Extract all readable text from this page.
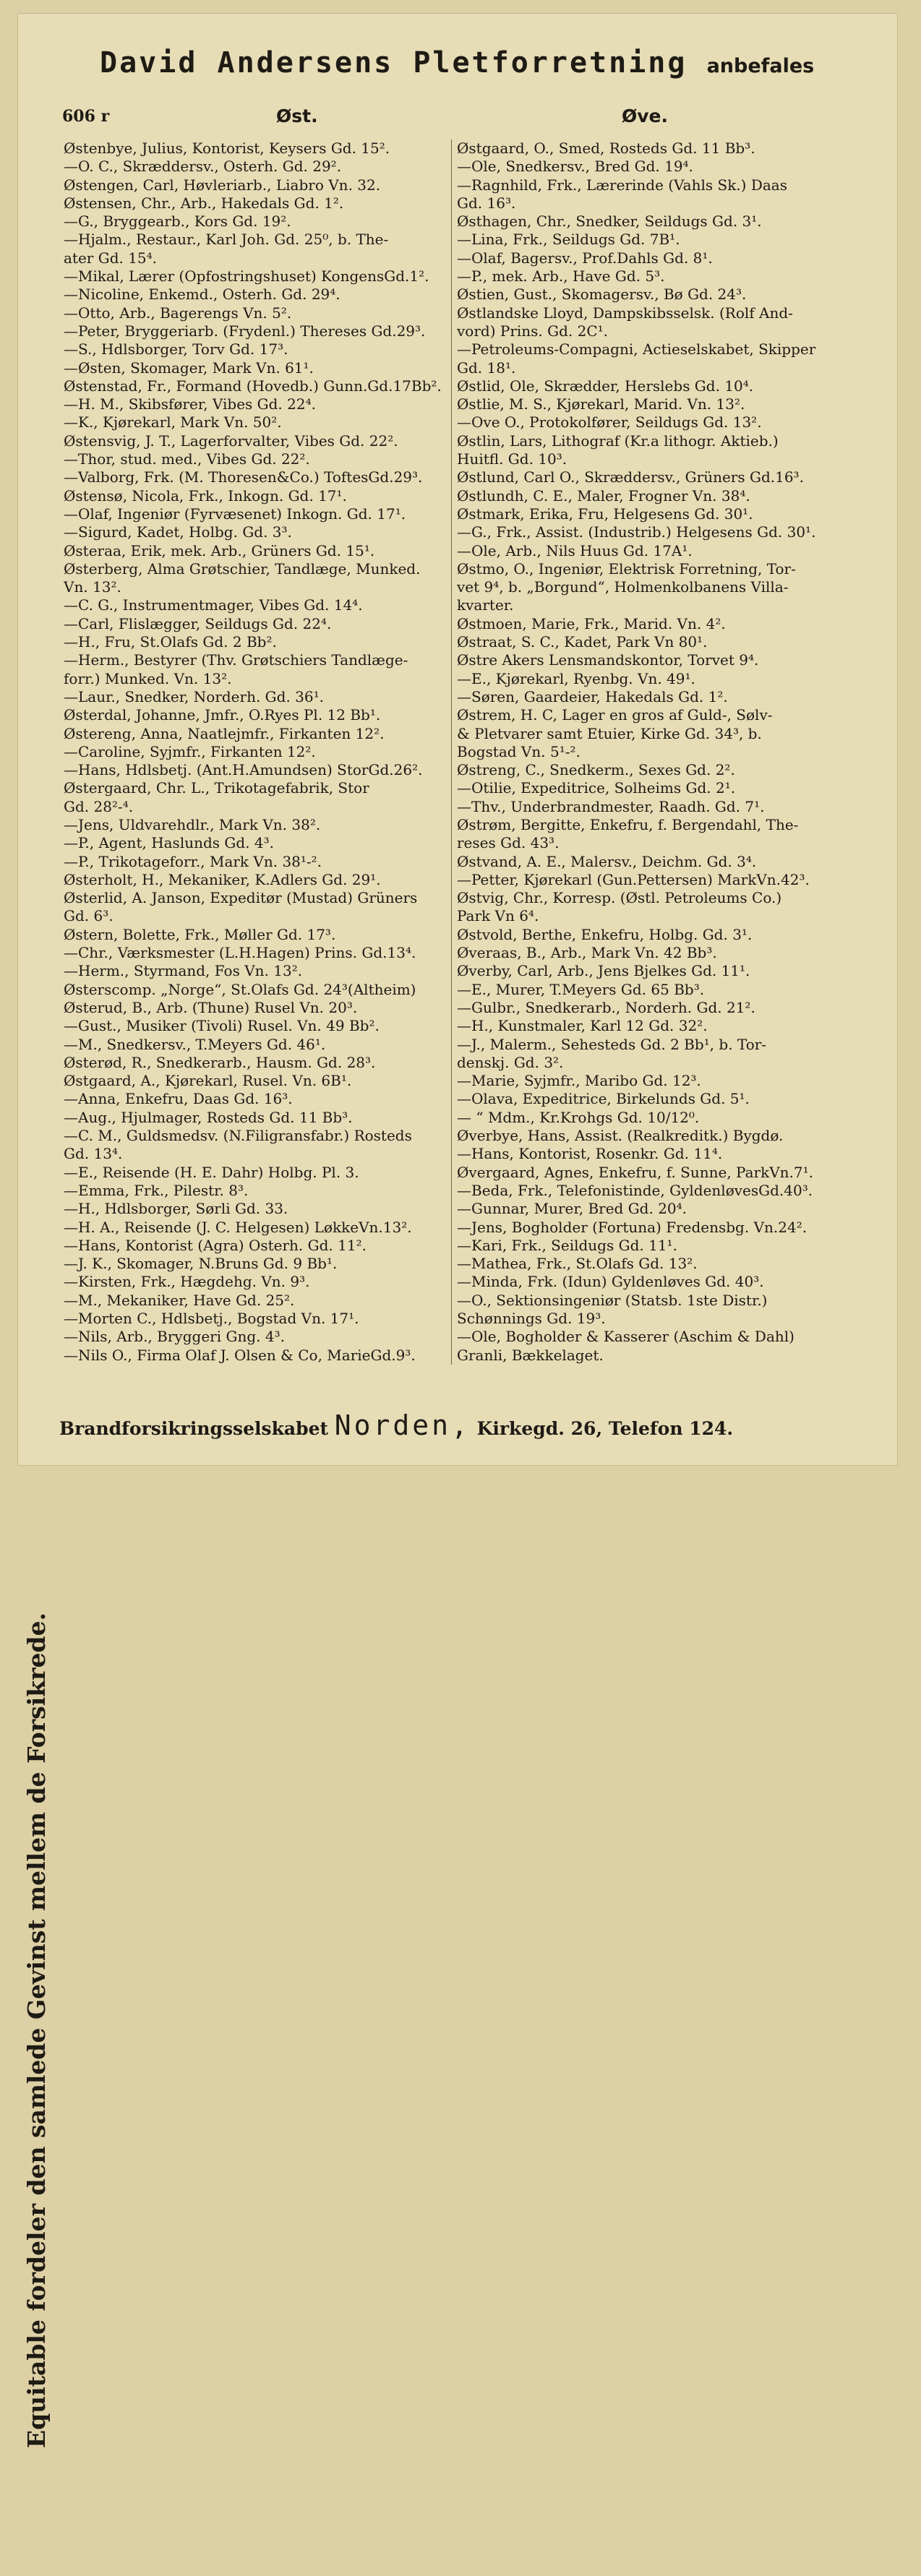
David Andersens Pletforretning anbefales
606 r	Øst.	Øve.
Equitable fordeler den samlede Gevinst mellem de Forsikrede.
Østenbye, Julius, Kontorist, Keysers Gd. 15².
—O. C., Skræddersv., Osterh. Gd. 29².
Østengen, Carl, Høvleriarb., Liabro Vn. 32.
Østensen, Chr., Arb., Hakedals Gd. 1².
—G., Bryggearb., Kors Gd. 19².
—Hjalm., Restaur., Karl Joh. Gd. 25⁰, b. The-
ater Gd. 15⁴.
—Mikal, Lærer (Opfostringshuset) KongensGd.1².
—Nicoline, Enkemd., Osterh. Gd. 29⁴.
—Otto, Arb., Bagerengs Vn. 5².
—Peter, Bryggeriarb. (Frydenl.) Thereses Gd.29³.
—S., Hdlsborger, Torv Gd. 17³.
—Østen, Skomager, Mark Vn. 61¹.
Østenstad, Fr., Formand (Hovedb.) Gunn.Gd.17Bb².
—H. M., Skibsfører, Vibes Gd. 22⁴.
—K., Kjørekarl, Mark Vn. 50².
Østensvig, J. T., Lagerforvalter, Vibes Gd. 22².
—Thor, stud. med., Vibes Gd. 22².
—Valborg, Frk. (M. Thoresen&Co.) ToftesGd.29³.
Østensø, Nicola, Frk., Inkogn. Gd. 17¹.
—Olaf, Ingeniør (Fyrvæsenet) Inkogn. Gd. 17¹.
—Sigurd, Kadet, Holbg. Gd. 3³.
Østeraa, Erik, mek. Arb., Grüners Gd. 15¹.
Østerberg, Alma Grøtschier, Tandlæge, Munked.
Vn. 13².
—C. G., Instrumentmager, Vibes Gd. 14⁴.
—Carl, Flislægger, Seildugs Gd. 22⁴.
—H., Fru, St.Olafs Gd. 2 Bb².
—Herm., Bestyrer (Thv. Grøtschiers Tandlæge-
forr.) Munked. Vn. 13².
—Laur., Snedker, Norderh. Gd. 36¹.
Østerdal, Johanne, Jmfr., O.Ryes Pl. 12 Bb¹.
Østereng, Anna, Naatlejmfr., Firkanten 12².
—Caroline, Syjmfr., Firkanten 12².
—Hans, Hdlsbetj. (Ant.H.Amundsen) StorGd.26².
Østergaard, Chr. L., Trikotagefabrik, Stor
Gd. 28²-⁴.
—Jens, Uldvarehdlr., Mark Vn. 38².
—P., Agent, Haslunds Gd. 4³.
—P., Trikotageforr., Mark Vn. 38¹-².
Østerholt, H., Mekaniker, K.Adlers Gd. 29¹.
Østerlid, A. Janson, Expeditør (Mustad) Grüners
Gd. 6³.
Østern, Bolette, Frk., Møller Gd. 17³.
—Chr., Værksmester (L.H.Hagen) Prins. Gd.13⁴.
—Herm., Styrmand, Fos Vn. 13².
Østerscomp. „Norge“, St.Olafs Gd. 24³(Altheim)
Østerud, B., Arb. (Thune) Rusel Vn. 20³.
—Gust., Musiker (Tivoli) Rusel. Vn. 49 Bb².
—M., Snedkersv., T.Meyers Gd. 46¹.
Østerød, R., Snedkerarb., Hausm. Gd. 28³.
Østgaard, A., Kjørekarl, Rusel. Vn. 6B¹.
—Anna, Enkefru, Daas Gd. 16³.
—Aug., Hjulmager, Rosteds Gd. 11 Bb³.
—C. M., Guldsmedsv. (N.Filigransfabr.) Rosteds
Gd. 13⁴.
—E., Reisende (H. E. Dahr) Holbg. Pl. 3.
—Emma, Frk., Pilestr. 8³.
—H., Hdlsborger, Sørli Gd. 33.
—H. A., Reisende (J. C. Helgesen) LøkkeVn.13².
—Hans, Kontorist (Agra) Osterh. Gd. 11².
—J. K., Skomager, N.Bruns Gd. 9 Bb¹.
—Kirsten, Frk., Hægdehg. Vn. 9³.
—M., Mekaniker, Have Gd. 25².
—Morten C., Hdlsbetj., Bogstad Vn. 17¹.
—Nils, Arb., Bryggeri Gng. 4³.
—Nils O., Firma Olaf J. Olsen & Co, MarieGd.9³.
Østgaard, O., Smed, Rosteds Gd. 11 Bb³.
—Ole, Snedkersv., Bred Gd. 19⁴.
—Ragnhild, Frk., Lærerinde (Vahls Sk.) Daas
Gd. 16³.
Østhagen, Chr., Snedker, Seildugs Gd. 3¹.
—Lina, Frk., Seildugs Gd. 7B¹.
—Olaf, Bagersv., Prof.Dahls Gd. 8¹.
—P., mek. Arb., Have Gd. 5³.
Østien, Gust., Skomagersv., Bø Gd. 24³.
Østlandske Lloyd, Dampskibsselsk. (Rolf And-
vord) Prins. Gd. 2C¹.
—Petroleums-Compagni, Actieselskabet, Skipper
Gd. 18¹.
Østlid, Ole, Skrædder, Herslebs Gd. 10⁴.
Østlie, M. S., Kjørekarl, Marid. Vn. 13².
—Ove O., Protokolfører, Seildugs Gd. 13².
Østlin, Lars, Lithograf (Kr.a lithogr. Aktieb.)
Huitfl. Gd. 10³.
Østlund, Carl O., Skræddersv., Grüners Gd.16³.
Østlundh, C. E., Maler, Frogner Vn. 38⁴.
Østmark, Erika, Fru, Helgesens Gd. 30¹.
—G., Frk., Assist. (Industrib.) Helgesens Gd. 30¹.
—Ole, Arb., Nils Huus Gd. 17A¹.
Østmo, O., Ingeniør, Elektrisk Forretning, Tor-
vet 9⁴, b. „Borgund“, Holmenkolbanens Villa-
kvarter.
Østmoen, Marie, Frk., Marid. Vn. 4².
Østraat, S. C., Kadet, Park Vn 80¹.
Østre Akers Lensmandskontor, Torvet 9⁴.
—E., Kjørekarl, Ryenbg. Vn. 49¹.
—Søren, Gaardeier, Hakedals Gd. 1².
Østrem, H. C, Lager en gros af Guld-, Sølv-
& Pletvarer samt Etuier, Kirke Gd. 34³, b.
Bogstad Vn. 5¹-².
Østreng, C., Snedkerm., Sexes Gd. 2².
—Otilie, Expeditrice, Solheims Gd. 2¹.
—Thv., Underbrandmester, Raadh. Gd. 7¹.
Østrøm, Bergitte, Enkefru, f. Bergendahl, The-
reses Gd. 43³.
Østvand, A. E., Malersv., Deichm. Gd. 3⁴.
—Petter, Kjørekarl (Gun.Pettersen) MarkVn.42³.
Østvig, Chr., Korresp. (Østl. Petroleums Co.)
Park Vn 6⁴.
Østvold, Berthe, Enkefru, Holbg. Gd. 3¹.
Øveraas, B., Arb., Mark Vn. 42 Bb³.
Øverby, Carl, Arb., Jens Bjelkes Gd. 11¹.
—E., Murer, T.Meyers Gd. 65 Bb³.
—Gulbr., Snedkerarb., Norderh. Gd. 21².
—H., Kunstmaler, Karl 12 Gd. 32².
—J., Malerm., Sehesteds Gd. 2 Bb¹, b. Tor-
denskj. Gd. 3².
—Marie, Syjmfr., Maribo Gd. 12³.
—Olava, Expeditrice, Birkelunds Gd. 5¹.
— “ Mdm., Kr.Krohgs Gd. 10/12⁰.
Øverbye, Hans, Assist. (Realkreditk.) Bygdø.
—Hans, Kontorist, Rosenkr. Gd. 11⁴.
Øvergaard, Agnes, Enkefru, f. Sunne, ParkVn.7¹.
—Beda, Frk., Telefonistinde, GyldenløvesGd.40³.
—Gunnar, Murer, Bred Gd. 20⁴.
—Jens, Bogholder (Fortuna) Fredensbg. Vn.24².
—Kari, Frk., Seildugs Gd. 11¹.
—Mathea, Frk., St.Olafs Gd. 13².
—Minda, Frk. (Idun) Gyldenløves Gd. 40³.
—O., Sektionsingeniør (Statsb. 1ste Distr.)
Schønnings Gd. 19³.
—Ole, Bogholder & Kasserer (Aschim & Dahl)
Granli, Bækkelaget.
Brandforsikringsselskabet Norden, Kirkegd. 26, Telefon 124.
